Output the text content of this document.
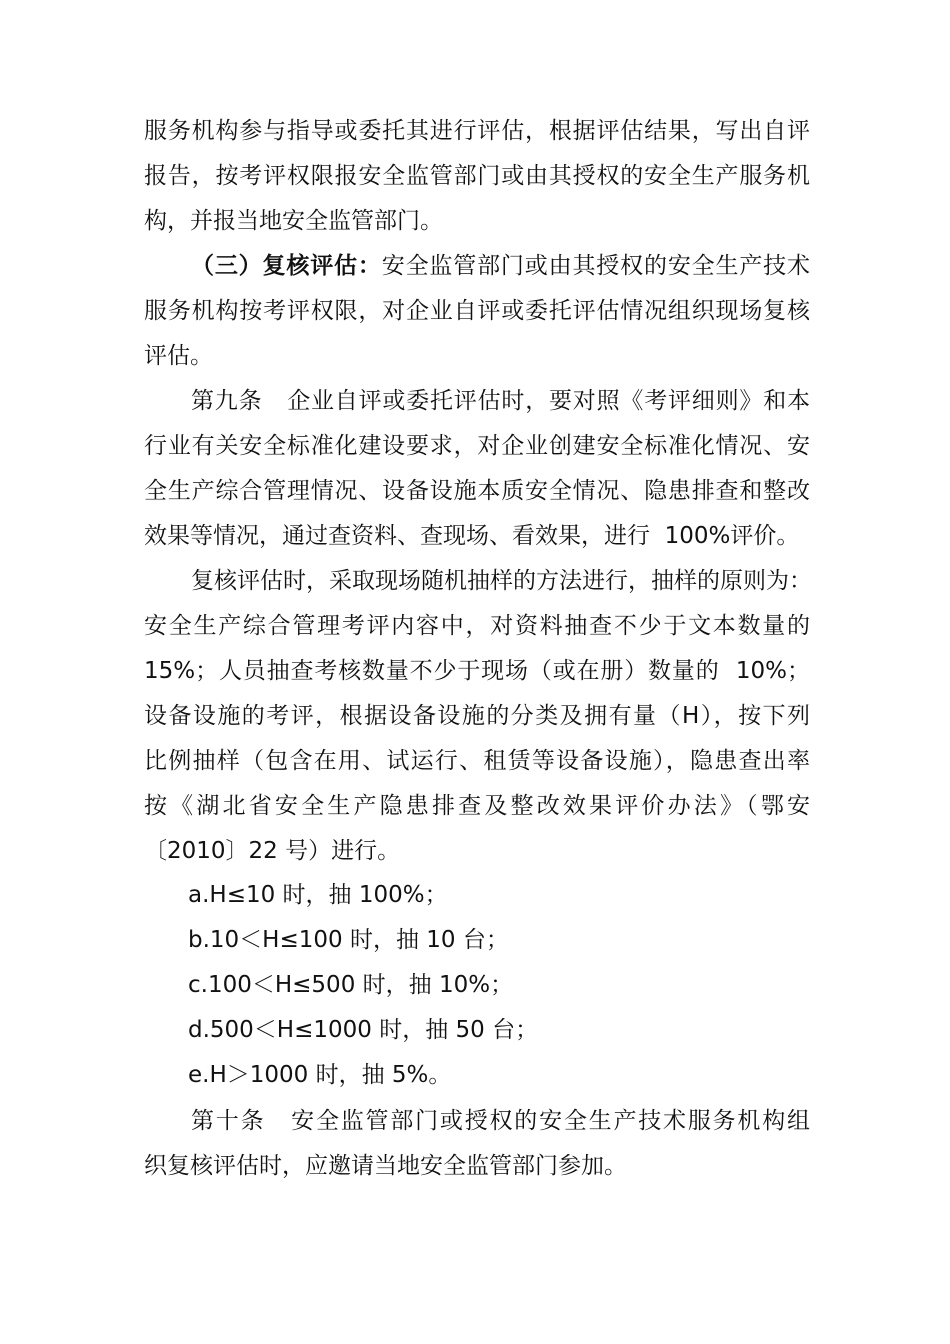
服务机构参与指导或委托其进行评估，根据评估结果，写出自评
报告，按考评权限报安全监管部门或由其授权的安全生产服务机
构，并报当地安全监管部门。
（三）复核评估：安全监管部门或由其授权的安全生产技术
服务机构按考评权限，对企业自评或委托评估情况组织现场复核
评估。
第九条 企业自评或委托评估时，要对照《考评细则》和本
行业有关安全标准化建设要求，对企业创建安全标准化情况、安
全生产综合管理情况、设备设施本质安全情况、隐患排查和整改
效果等情况，通过查资料、查现场、看效果，进行  100%评价。
复核评估时，采取现场随机抽样的方法进行，抽样的原则为：
安全生产综合管理考评内容中，对资料抽查不少于文本数量的
15%；人员抽查考核数量不少于现场（或在册）数量的  10%；
设备设施的考评，根据设备设施的分类及拥有量（H），按下列
比例抽样（包含在用、试运行、租赁等设备设施），隐患查出率
按《湖北省安全生产隐患排查及整改效果评价办法》（鄂安
〔2010〕22 号）进行。
a.H≤10 时，抽 100%；
b.10＜H≤100 时，抽 10 台；
c.100＜H≤500 时，抽 10%；
d.500＜H≤1000 时，抽 50 台；
e.H＞1000 时，抽 5%。
第十条 安全监管部门或授权的安全生产技术服务机构组
织复核评估时，应邀请当地安全监管部门参加。
